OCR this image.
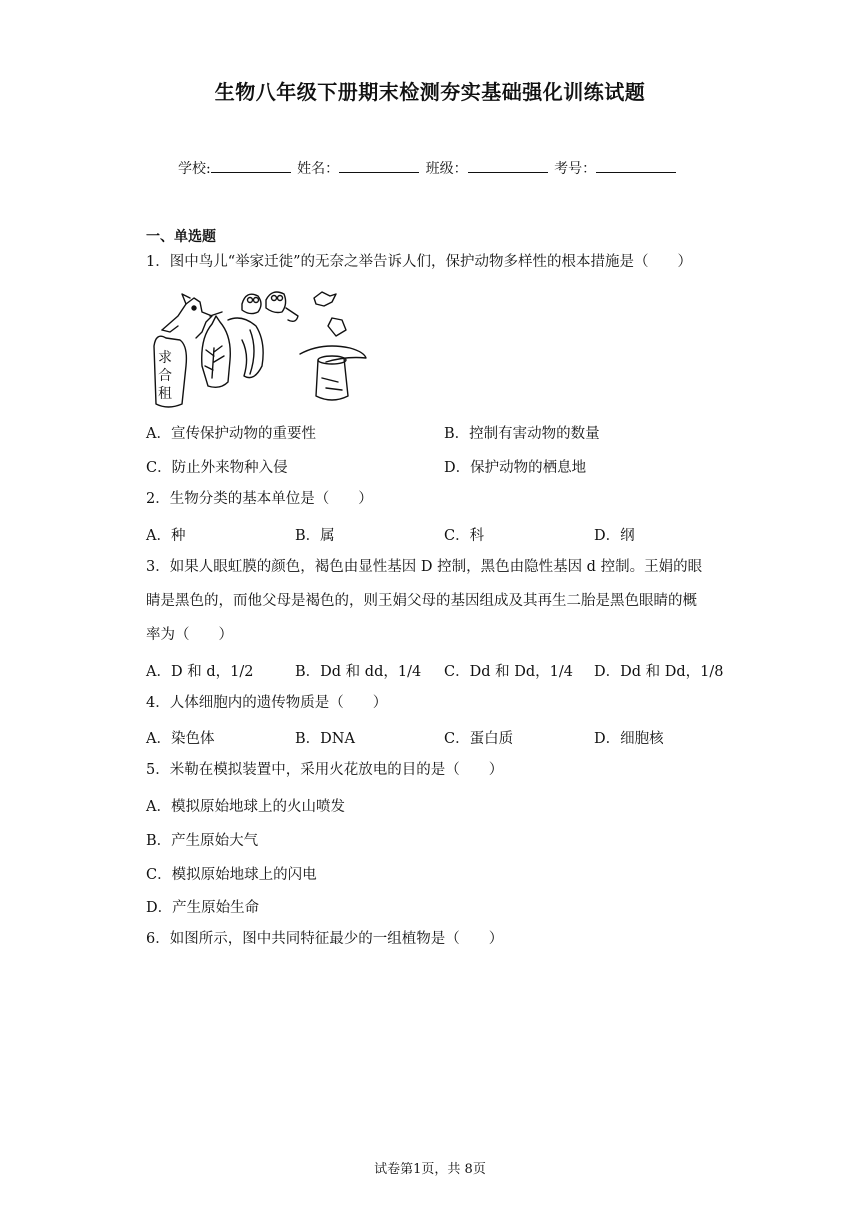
生物八年级下册期末检测夯实基础强化训练试题
学校:	姓名：	班级：	考号：
一、单选题
1．图中鸟儿“举家迁徙”的无奈之举告诉人们，保护动物多样性的根本措施是（　　）
求
合
租
A．宣传保护动物的重要性	B．控制有害动物的数量
C．防止外来物种入侵	D．保护动物的栖息地
2．生物分类的基本单位是（　　）
A．种	B．属	C．科	D．纲
3．如果人眼虹膜的颜色，褐色由显性基因 D 控制，黑色由隐性基因 d 控制。王娟的眼
睛是黑色的，而他父母是褐色的，则王娟父母的基因组成及其再生二胎是黑色眼睛的概
率为（　　）
A．D 和 d，1/2	B．Dd 和 dd，1/4 C．Dd 和 Dd，1/4 D．Dd 和 Dd，1/8
4．人体细胞内的遗传物质是（　　）
A．染色体	B．DNA	C．蛋白质	D．细胞核
5．米勒在模拟装置中，采用火花放电的目的是（　　）
A．模拟原始地球上的火山喷发
B．产生原始大气
C．模拟原始地球上的闪电
D．产生原始生命
6．如图所示，图中共同特征最少的一组植物是（　　）
试卷第1页，共 8页
